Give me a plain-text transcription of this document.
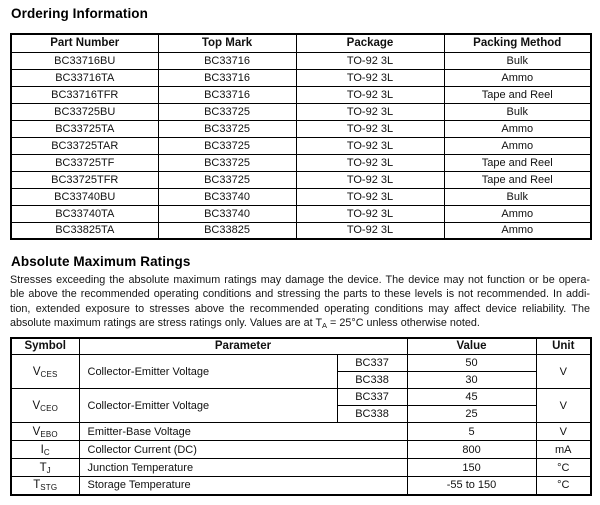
Ordering Information
Part Number	Top Mark	Package	Packing Method
BC33716BU	BC33716	TO-92 3L	Bulk
BC33716TA	BC33716	TO-92 3L	Ammo
BC33716TFR	BC33716	TO-92 3L	Tape and Reel
BC33725BU	BC33725	TO-92 3L	Bulk
BC33725TA	BC33725	TO-92 3L	Ammo
BC33725TAR	BC33725	TO-92 3L	Ammo
BC33725TF	BC33725	TO-92 3L	Tape and Reel
BC33725TFR	BC33725	TO-92 3L	Tape and Reel
BC33740BU	BC33740	TO-92 3L	Bulk
BC33740TA	BC33740	TO-92 3L	Ammo
BC33825TA	BC33825	TO-92 3L	Ammo
Absolute Maximum Ratings
Stresses exceeding the absolute maximum ratings may damage the device. The device may not function or be opera-
ble above the recommended operating conditions and stressing the parts to these levels is not recommended. In addi-
tion, extended exposure to stresses above the recommended operating conditions may affect device reliability. The
absolute maximum ratings are stress ratings only. Values are at $T_A = 25^\circ C$ unless otherwise noted.
Symbol	Parameter		Value	Unit
$V_{CES}$	Collector-Emitter Voltage	BC337	50	V
		BC338	30	
$V_{CEO}$	Collector-Emitter Voltage	BC337	45	V
		BC338	25	
$V_{EBO}$	Emitter-Base Voltage		5	V
$I_C$	Collector Current (DC)		800	mA
$T_J$	Junction Temperature		150	°C
$T_{STG}$	Storage Temperature		-55 to 150	°C
